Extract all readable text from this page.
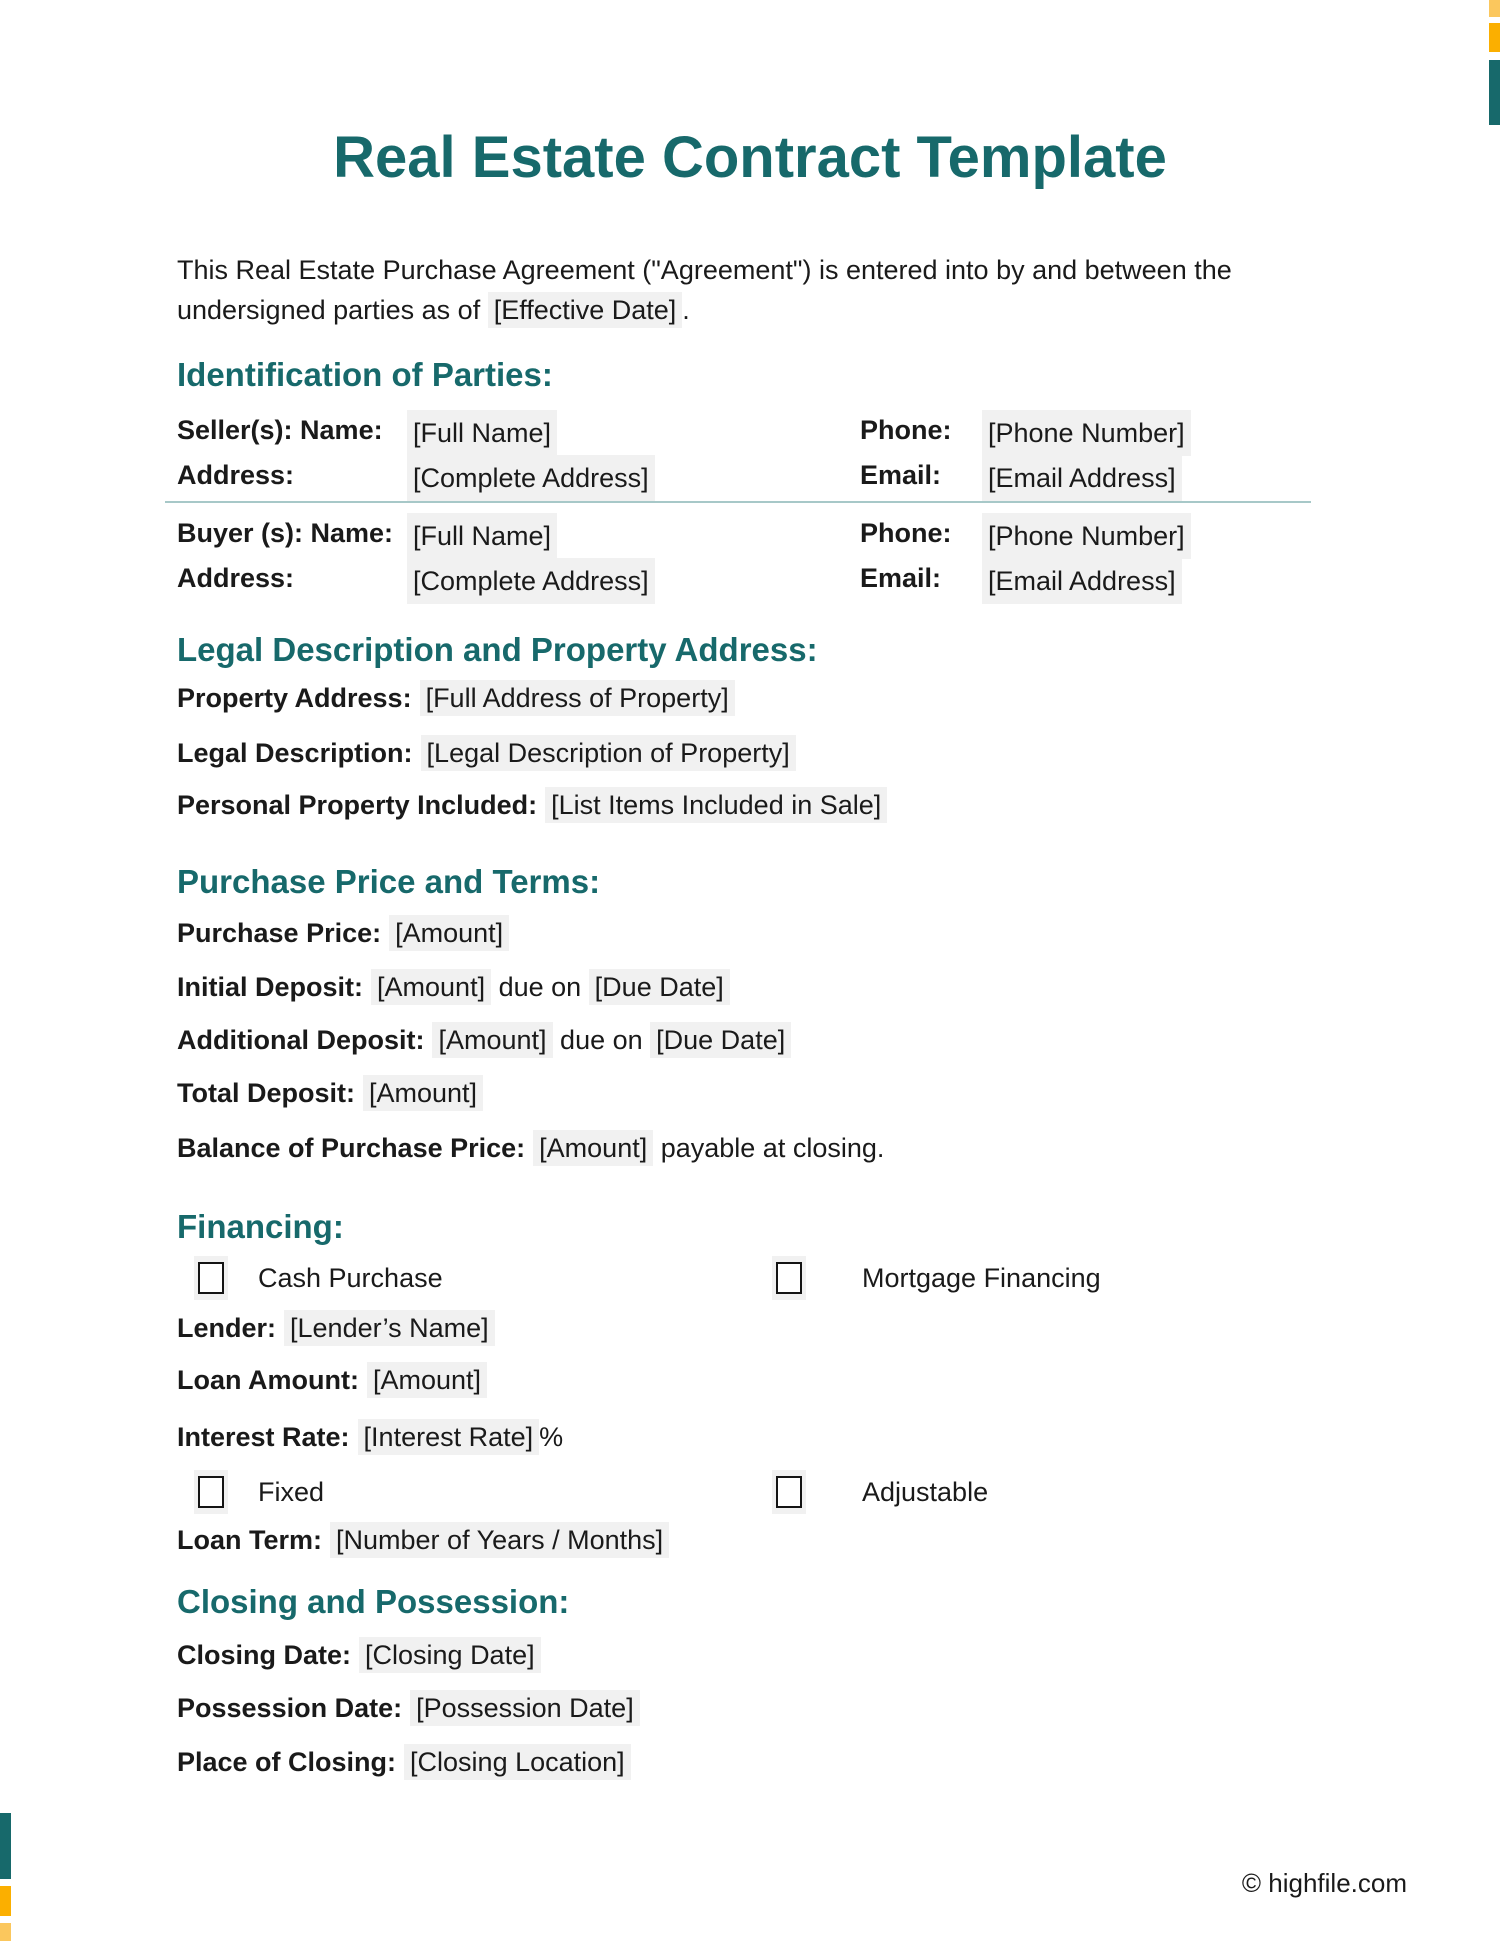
Real Estate Contract Template
This Real Estate Purchase Agreement ("Agreement") is entered into by and between the
undersigned parties as of [Effective Date] .
Identification of Parties:
Seller(s): Name: [Full Name]	Phone: [Phone Number]
Address:	[Complete Address]	Email: [Email Address]
Buyer (s): Name: [Full Name]	Phone: [Phone Number]
Address:	[Complete Address]	Email: [Email Address]
Legal Description and Property Address:
Property Address: [Full Address of Property]
Legal Description: [Legal Description of Property]
Personal Property Included: [List Items Included in Sale]
Purchase Price and Terms:
Purchase Price: [Amount]
Initial Deposit: [Amount] due on [Due Date]
Additional Deposit: [Amount] due on [Due Date]
Total Deposit: [Amount]
Balance of Purchase Price: [Amount] payable at closing.
Financing:
Cash Purchase	Mortgage Financing
Lender: [Lender’s Name]
Loan Amount: [Amount]
Interest Rate: [Interest Rate] %
Fixed	Adjustable
Loan Term: [Number of Years / Months]
Closing and Possession:
Closing Date: [Closing Date]
Possession Date: [Possession Date]
Place of Closing: [Closing Location]
© highfile.com
